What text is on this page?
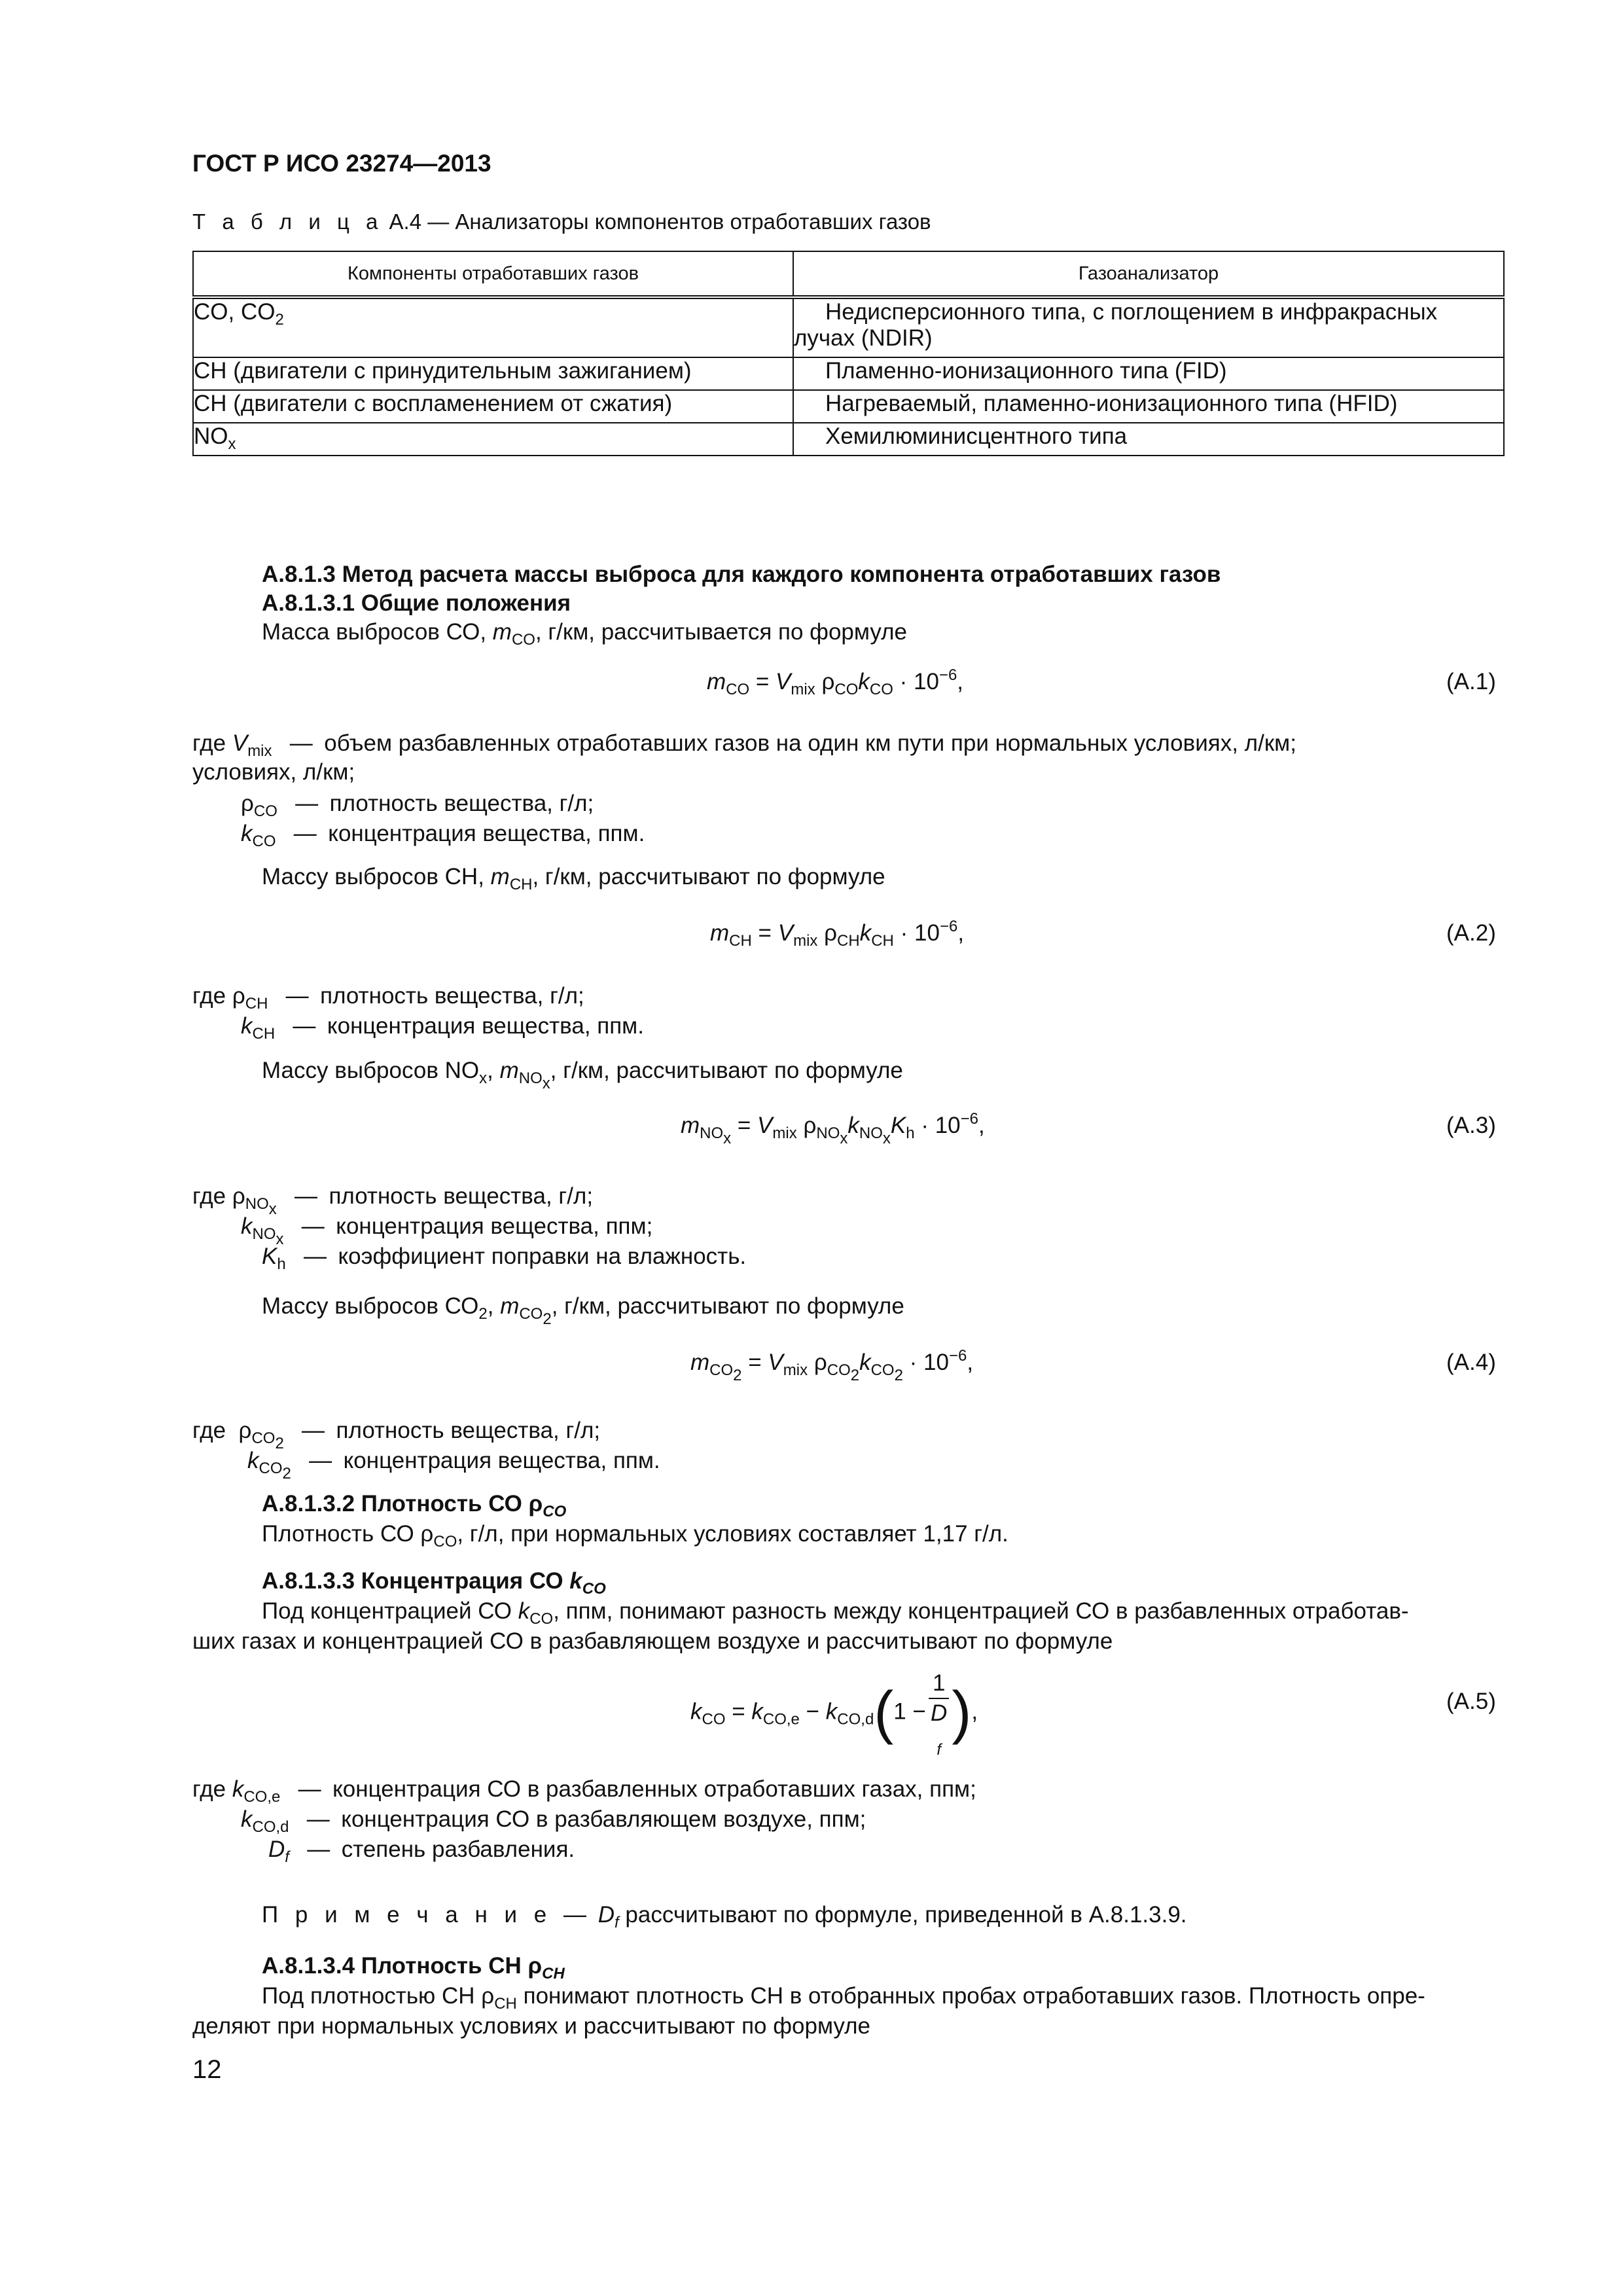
ГОСТ Р ИСО 23274—2013
Т а б л и ц а А.4 — Анализаторы компонентов отработавших газов
Компоненты отработавших газов	Газоанализатор
CO, $CO_2$	Недисперсионного типа, с поглощением в инфракрасных лучах (NDIR)
CH (двигатели с принудительным зажиганием)	Пламенно-ионизационного типа (FID)
CH (двигатели с воспламенением от сжатия)	Нагреваемый, пламенно-ионизационного типа (HFID)
$NO_x$	Хемилюминисцентного типа
А.8.1.3 Метод расчета массы выброса для каждого компонента отработавших газов
А.8.1.3.1 Общие положения
Масса выбросов СО, $m_{CO}$, г/км, рассчитывается по формуле
$m_{CO} = V_{mix}$ $\rho_{CO}k_{CO} \cdot 10^{-6}$,	(А.1)
где $V_{mix}$ — объем разбавленных отработавших газов на один км пути при нормальных условиях, л/км;
условиях, л/км;
$\rho_{CO}$ — плотность вещества, г/л;
$k_{CO}$ — концентрация вещества, ппм.
Массу выбросов СН, $m_{CH}$, г/км, рассчитывают по формуле
$m_{CH} = V_{mix}$ $\rho_{CH}k_{CH} \cdot 10^{-6}$,	(А.2)
где $\rho_{CH}$ — плотность вещества, г/л;
$k_{CH}$ — концентрация вещества, ппм.
Массу выбросов $NO_x$, $m_{NO_x}$, г/км, рассчитывают по формуле
$m_{NO_x} = V_{mix}$ $\rho_{NO_x}k_{NO_x}K_h \cdot 10^{-6}$,	(А.3)
где $\rho_{NO_x}$ — плотность вещества, г/л;
$k_{NO_x}$ — концентрация вещества, ппм;
$K_h$ — коэффициент поправки на влажность.
Массу выбросов $СО_2$, $m_{CO_2}$, г/км, рассчитывают по формуле
$m_{CO_2} = V_{mix}$ $\rho_{CO_2}k_{CO_2} \cdot 10^{-6}$,	(А.4)
где  $\rho_{CO_2}$ — плотность вещества, г/л;
$k_{CO_2}$ — концентрация вещества, ппм.
А.8.1.3.2 Плотность СО $\rho_{CO}$
Плотность СО $\rho_{CO}$, г/л, при нормальных условиях составляет 1,17 г/л.
А.8.1.3.3 Концентрация СО $k_{CO}$
Под концентрацией СО $k_{CO}$, ппм, понимают разность между концентрацией СО в разбавленных отработав-
ших газах и концентрацией СО в разбавляющем воздухе и рассчитывают по формуле
$k_{CO} = k_{CO,e} - k_{CO,d}(1 - 1$
D
$_f$ ),	(А.5)
где $k_{CO,e}$ — концентрация СО в разбавленных отработавших газах, ппм;
$k_{CO,d}$ — концентрация СО в разбавляющем воздухе, ппм;
$D_f$ — степень разбавления.
П р и м е ч а н и е — $D_f$ рассчитывают по формуле, приведенной в А.8.1.3.9.
А.8.1.3.4 Плотность СН $\rho_{CH}$
Под плотностью СН $\rho_{CH}$ понимают плотность СН в отобранных пробах отработавших газов. Плотность опре-
деляют при нормальных условиях и рассчитывают по формуле
12
